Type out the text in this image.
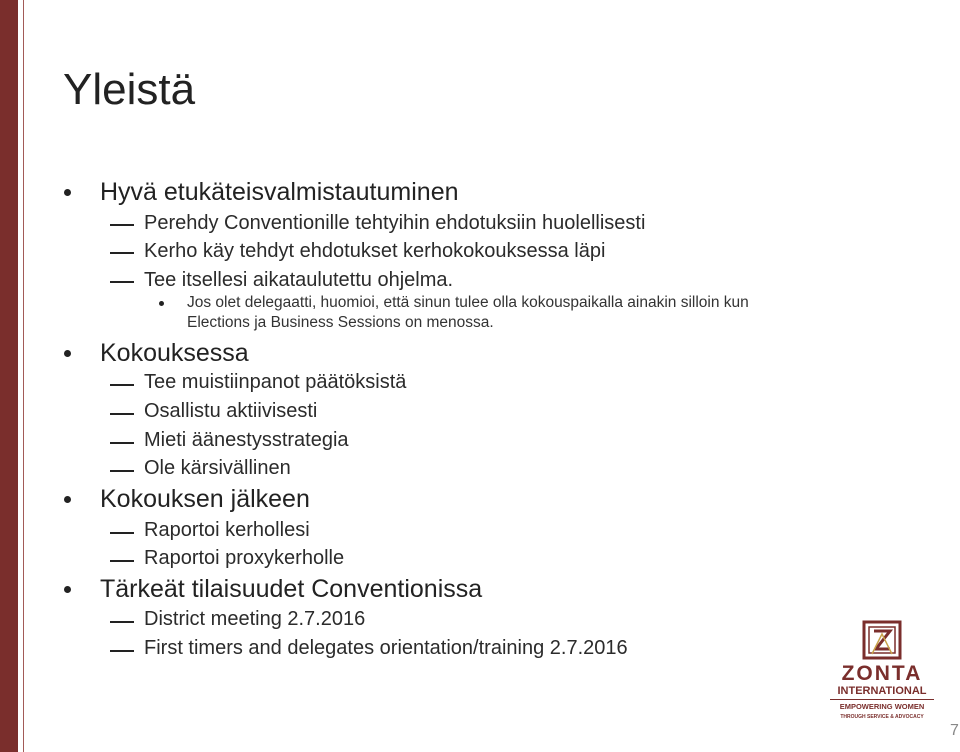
Yleistä
Hyvä etukäteisvalmistautuminen
Perehdy Conventionille tehtyihin ehdotuksiin huolellisesti
Kerho käy tehdyt ehdotukset kerhokokouksessa läpi
Tee itsellesi aikataulutettu ohjelma.
Jos olet delegaatti, huomioi, että sinun tulee olla kokouspaikalla ainakin silloin kun
Elections ja Business Sessions on menossa.
Kokouksessa
Tee muistiinpanot päätöksistä
Osallistu aktiivisesti
Mieti äänestysstrategia
Ole kärsivällinen
Kokouksen jälkeen
Raportoi kerhollesi
Raportoi proxykerholle
Tärkeät tilaisuudet Conventionissa
District meeting 2.7.2016
First timers and delegates orientation/training 2.7.2016
ZONTA
INTERNATIONAL
EMPOWERING WOMEN
THROUGH SERVICE & ADVOCACY
7
